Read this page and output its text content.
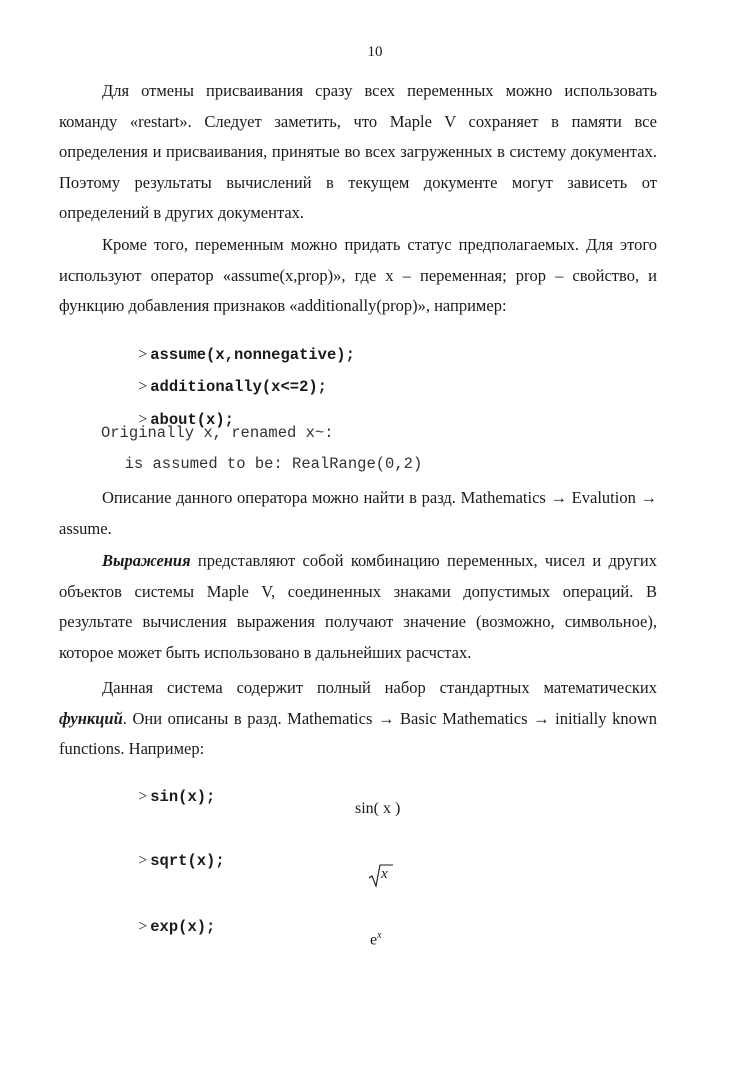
10

Для отмены присваивания сразу всех переменных можно использовать команду «restart». Следует заметить, что Maple V сохраняет в памяти все определения и присваивания, принятые во всех загруженных в систему документах. Поэтому результаты вычислений в текущем документе могут зависеть от определений в других документах.

Кроме того, переменным можно придать статус предполагаемых. Для этого используют оператор «assume(x,prop)», где х – переменная; prop – свойство, и функцию добавления признаков «additionally(prop)», например:

> assume(x,nonnegative);

> additionally(x<=2);

> about(x);

Originally x, renamed x~:
is assumed to be: RealRange(0,2)

Описание данного оператора можно найти в разд. Mathematics → Evalution → assume.

Выражения представляют собой комбинацию переменных, чисел и других объектов системы Maple V, соединенных знаками допустимых операций. В результате вычисления выражения получают значение (возможно, символьное), которое может быть использовано в дальнейших расчстах.

Данная система содержит полный набор стандартных математических функций. Они описаны в разд. Mathematics → Basic Mathematics → initially known functions. Например:

> sin(x);

sin( x )

> sqrt(x);

x

> exp(x);

$e^x$
